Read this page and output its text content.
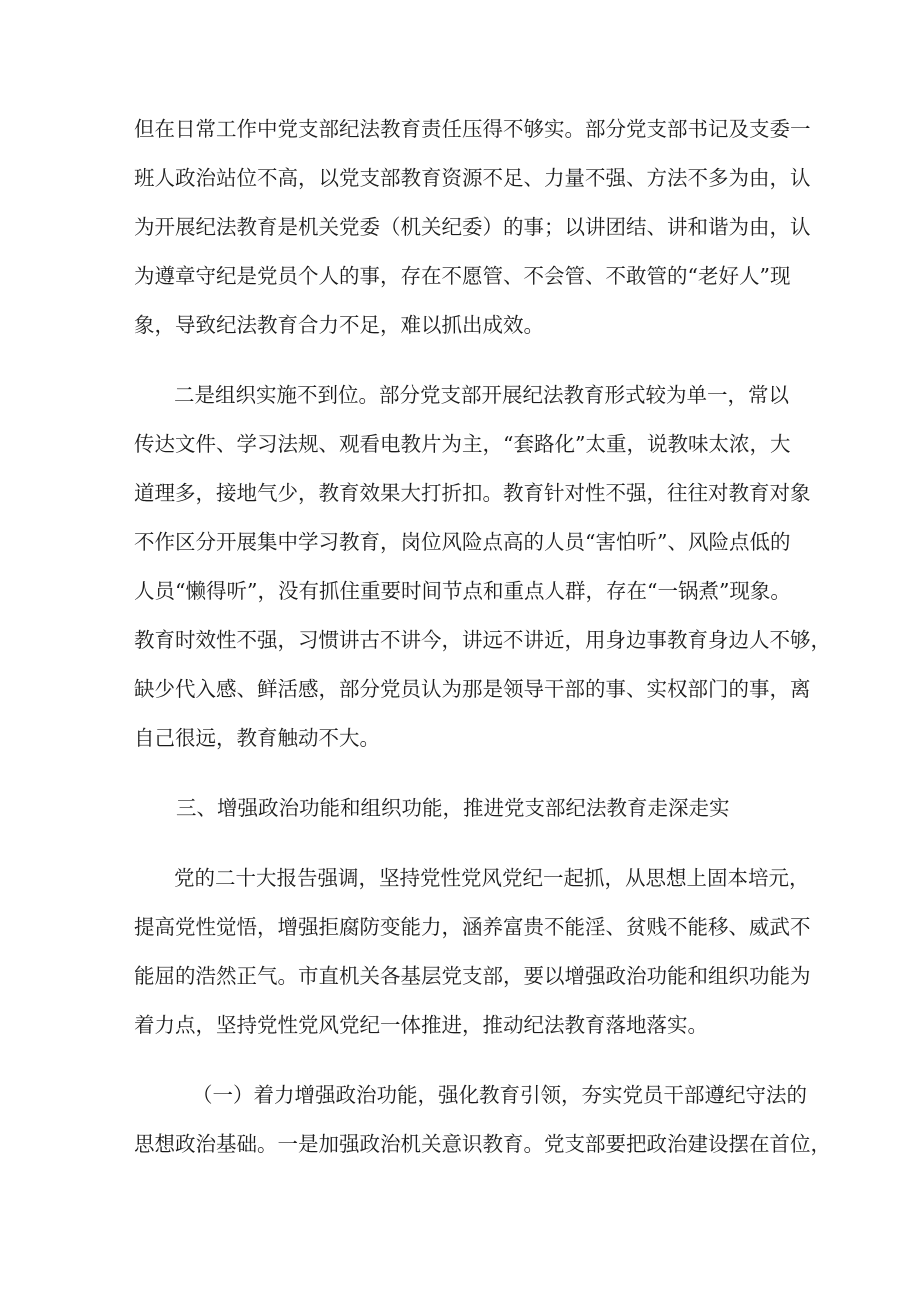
但在日常工作中党支部纪法教育责任压得不够实。部分党支部书记及支委一
班人政治站位不高，以党支部教育资源不足、力量不强、方法不多为由，认
为开展纪法教育是机关党委（机关纪委）的事；以讲团结、讲和谐为由，认
为遵章守纪是党员个人的事，存在不愿管、不会管、不敢管的“老好人”现
象，导致纪法教育合力不足，难以抓出成效。
二是组织实施不到位。部分党支部开展纪法教育形式较为单一，常以
传达文件、学习法规、观看电教片为主，“套路化”太重，说教味太浓，大
道理多，接地气少，教育效果大打折扣。教育针对性不强，往往对教育对象
不作区分开展集中学习教育，岗位风险点高的人员“害怕听”、风险点低的
人员“懒得听”，没有抓住重要时间节点和重点人群，存在“一锅煮”现象。
教育时效性不强，习惯讲古不讲今，讲远不讲近，用身边事教育身边人不够，
缺少代入感、鲜活感，部分党员认为那是领导干部的事、实权部门的事，离
自己很远，教育触动不大。
三、增强政治功能和组织功能，推进党支部纪法教育走深走实
党的二十大报告强调，坚持党性党风党纪一起抓，从思想上固本培元，
提高党性觉悟，增强拒腐防变能力，涵养富贵不能淫、贫贱不能移、威武不
能屈的浩然正气。市直机关各基层党支部，要以增强政治功能和组织功能为
着力点，坚持党性党风党纪一体推进，推动纪法教育落地落实。
（一）着力增强政治功能，强化教育引领，夯实党员干部遵纪守法的
思想政治基础。一是加强政治机关意识教育。党支部要把政治建设摆在首位，
